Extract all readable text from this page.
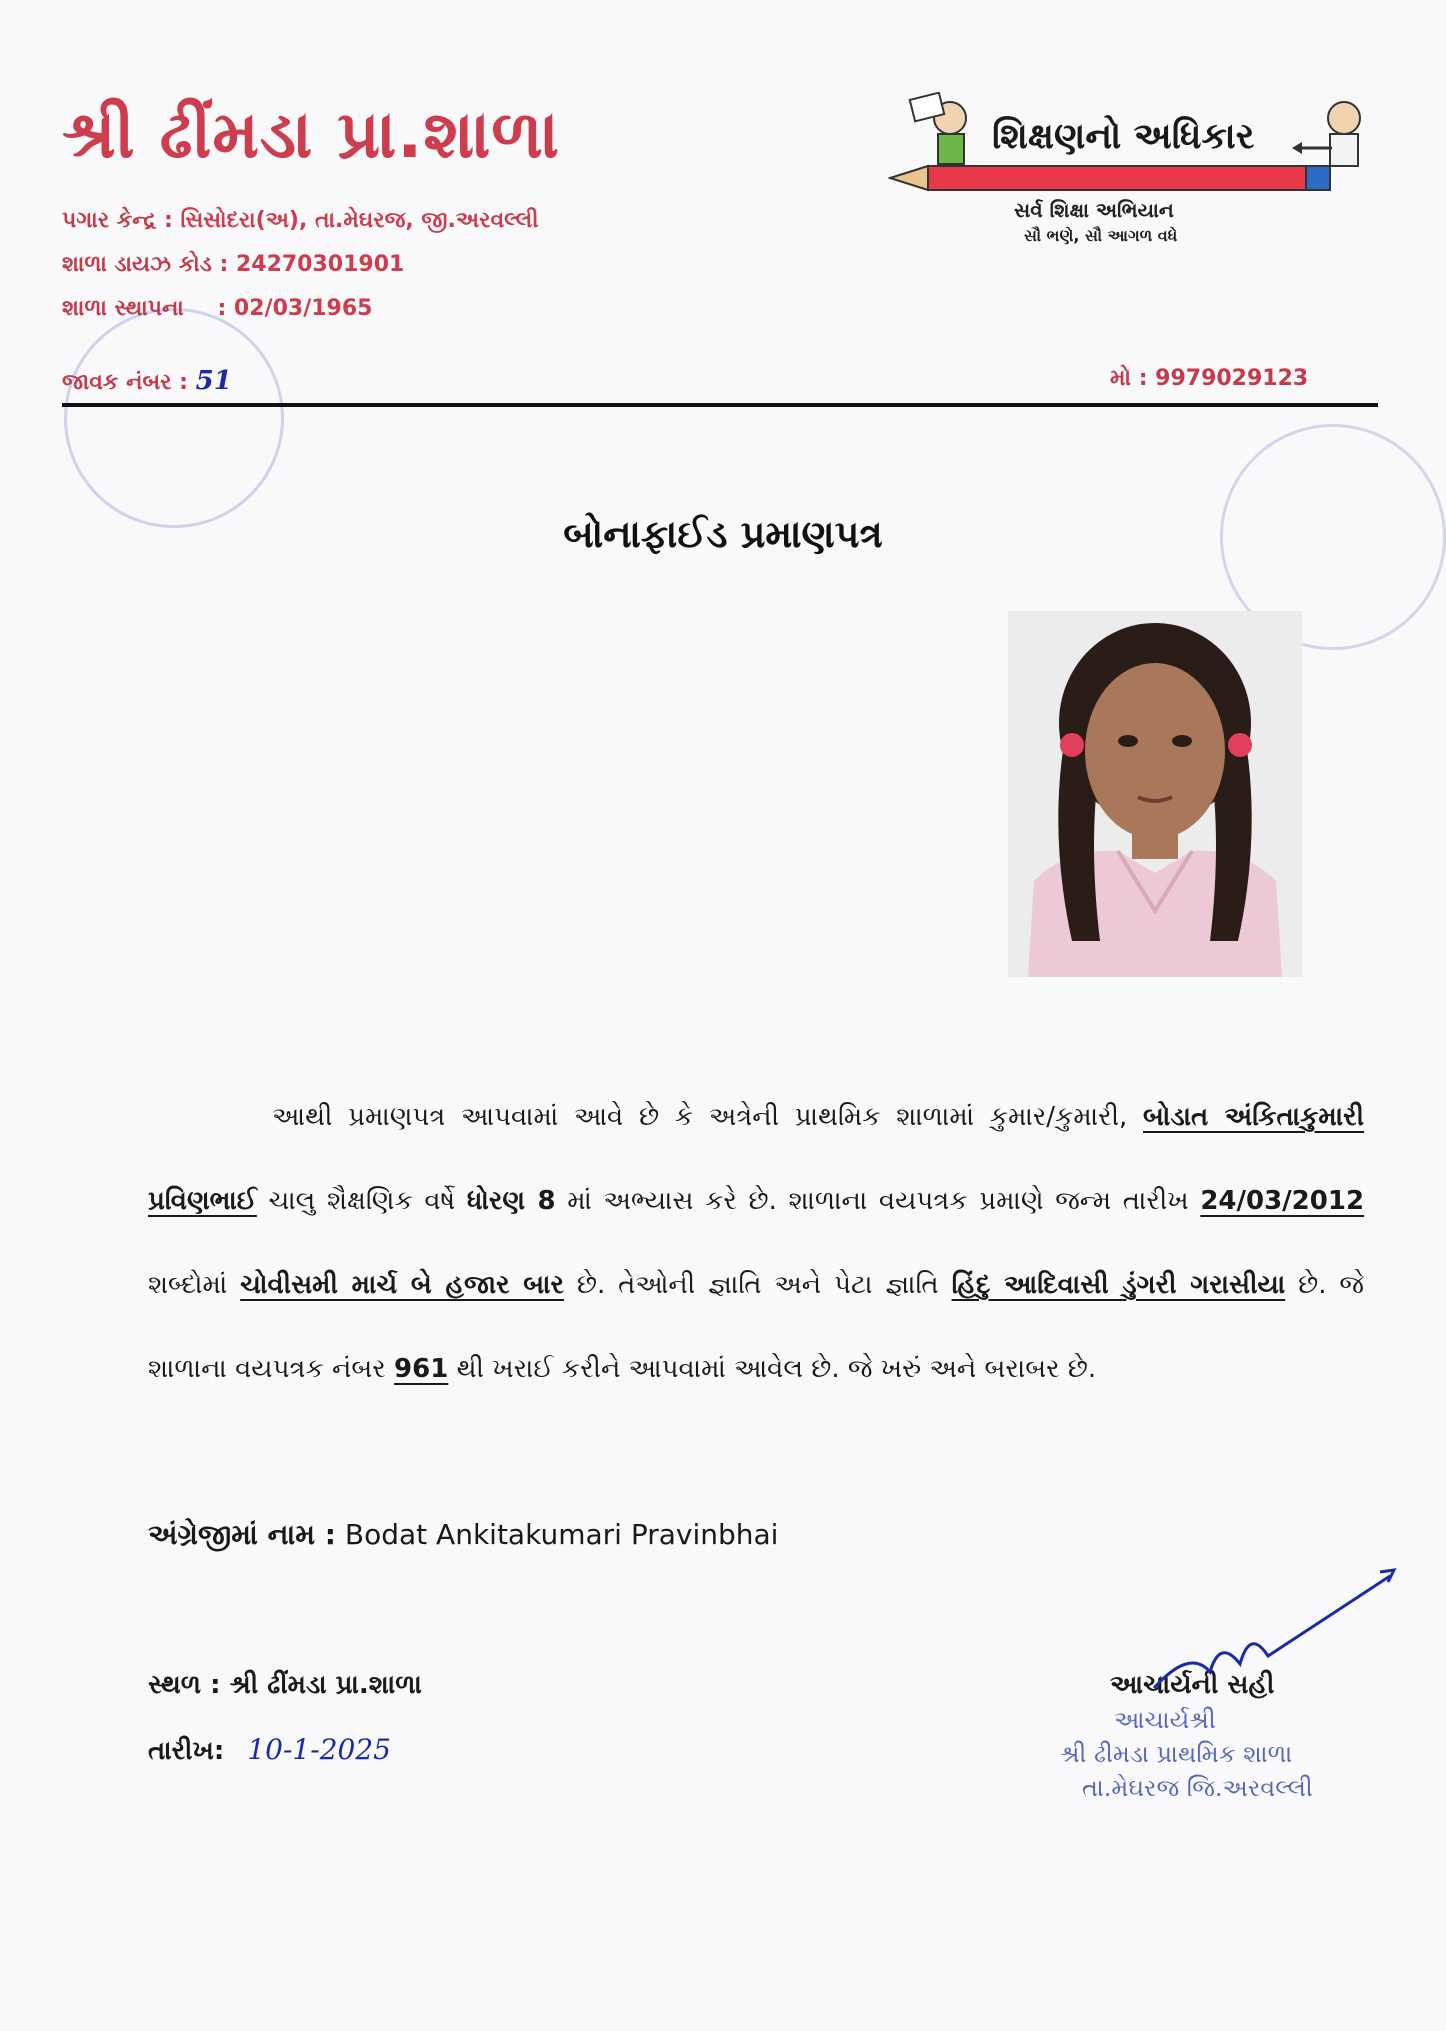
શ્રી ઢીંમડા પ્રા.શાળા
પગાર કેન્દ્ર : સિસોદરા(અ), તા.મેઘરજ, જી.અરવલ્લી
શાળા ડાયઝ કોડ : 24270301901
શાળા સ્થાપના : 02/03/1965
જાવક નંબર : 51	મો : 9979029123
શિક્ષણનો અધિકાર
સર્વ શિક્ષા અભિયાન
સૌ ભણે, સૌ આગળ વધે
બોનાફાઈડ પ્રમાણપત્ર

આથી પ્રમાણપત્ર આપવામાં આવે છે કે અત્રેની પ્રાથમિક શાળામાં કુમાર/કુમારી, બોડાત અંકિતાકુમારી પ્રવિણભાઈ ચાલુ શૈક્ષણિક વર્ષે ધોરણ 8 માં અભ્યાસ કરે છે. શાળાના વયપત્રક પ્રમાણે જન્મ તારીખ 24/03/2012 શબ્દોમાં ચોવીસમી માર્ચ બે હજાર બાર છે. તેઓની જ્ઞાતિ અને પેટા જ્ઞાતિ હિંદુ આદિવાસી ડુંગરી ગરાસીયા છે. જે શાળાના વયપત્રક નંબર 961 થી ખરાઈ કરીને આપવામાં આવેલ છે. જે ખરું અને બરાબર છે.

અંગ્રેજીમાં નામ : Bodat Ankitakumari Pravinbhai
સ્થળ : શ્રી ઢીંમડા પ્રા.શાળા
તારીખ: 10-1-2025
આચાર્યની સહી
આચાર્યશ્રી
શ્રી ઢીમડા પ્રાથમિક શાળા
તા.મેઘરજ જિ.અરવલ્લી
